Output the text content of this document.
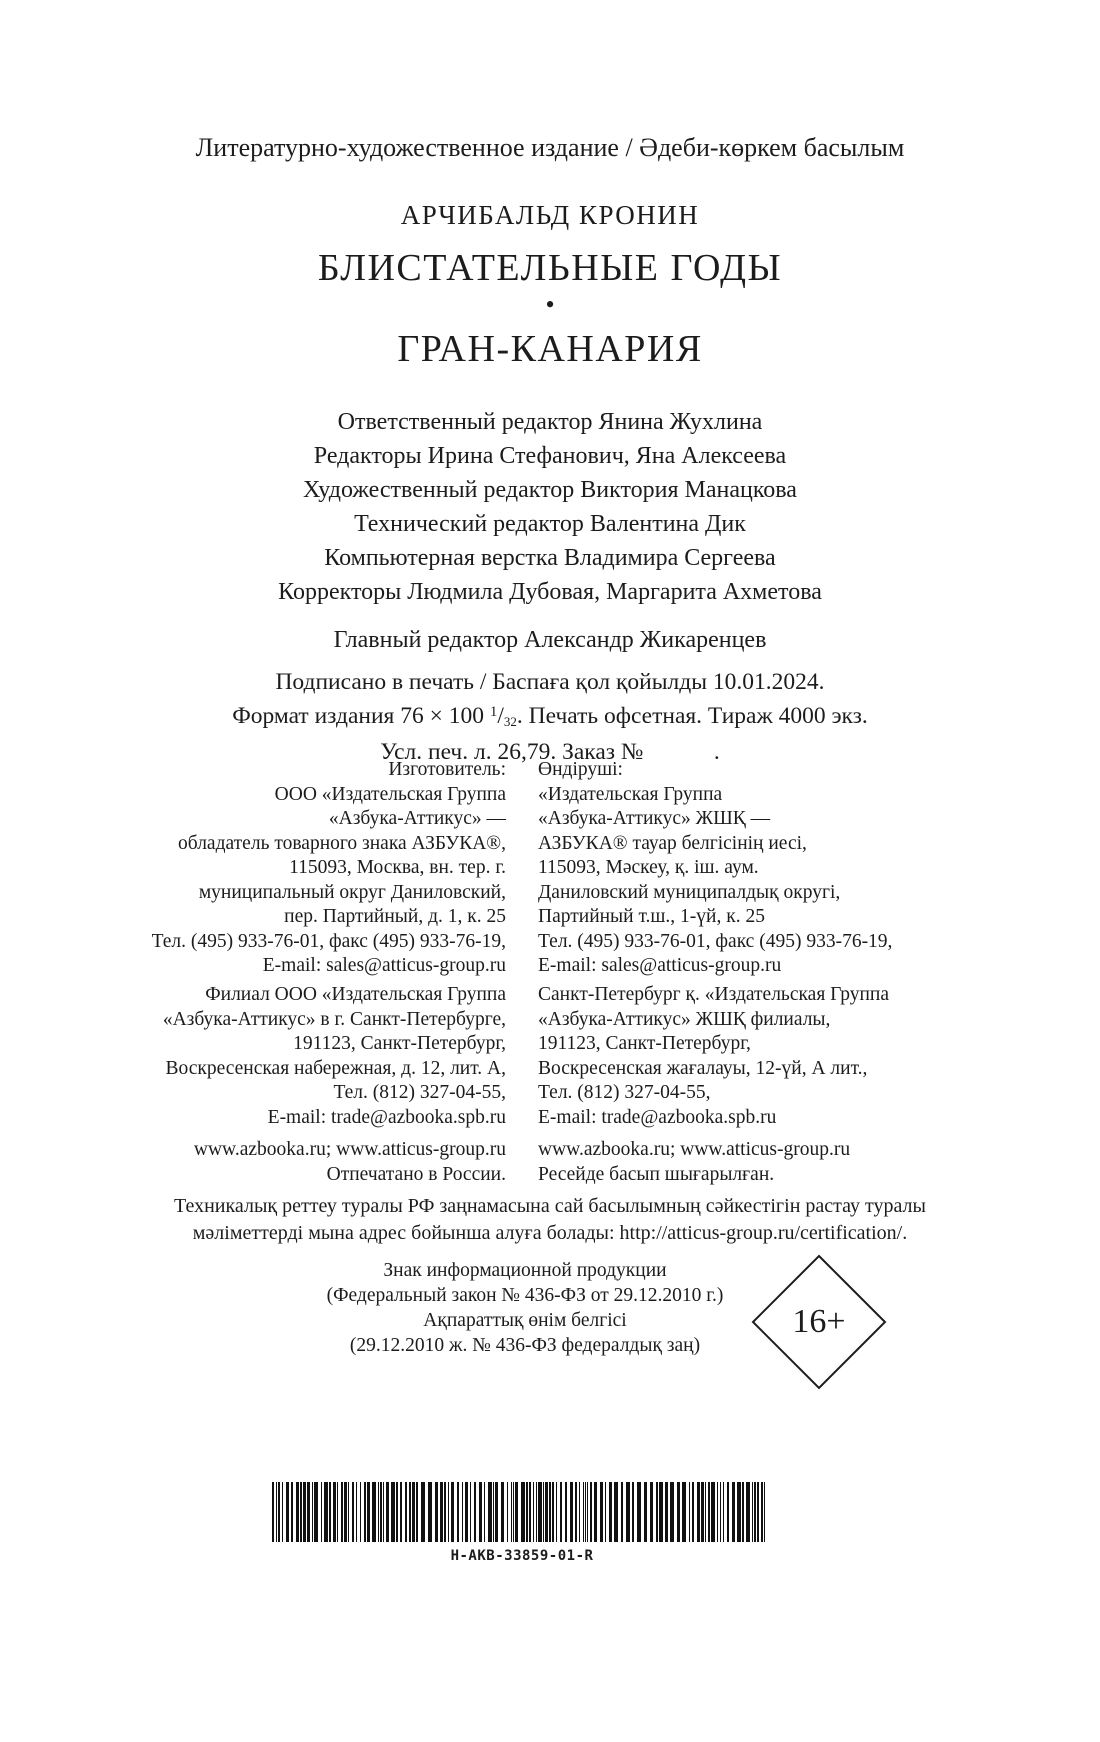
Литературно-художественное издание / Әдеби-көркем басылым
АРЧИБАЛЬД КРОНИН
БЛИСТАТЕЛЬНЫЕ ГОДЫ
•
ГРАН-КАНАРИЯ
Ответственный редактор Янина Жухлина
Редакторы Ирина Стефанович, Яна Алексеева
Художественный редактор Виктория Манацкова
Технический редактор Валентина Дик
Компьютерная верстка Владимира Сергеева
Корректоры Людмила Дубовая, Маргарита Ахметова
Главный редактор Александр Жикаренцев
Подписано в печать / Баспаға қол қойылды 10.01.2024.
Формат издания 76 × 100 $^1$/32. Печать офсетная. Тираж 4000 экз.
Усл. печ. л. 26,79. Заказ №            .
Изготовитель:
ООО «Издательская Группа
«Азбука-Аттикус» —
обладатель товарного знака АЗБУКА®,
115093, Москва, вн. тер. г.
муниципальный округ Даниловский,
пер. Партийный, д. 1, к. 25
Тел. (495) 933-76-01, факс (495) 933-76-19,
E-mail: sales@atticus-group.ru
Өндіруші:
«Издательская Группа
«Азбука-Аттикус» ЖШҚ —
АЗБУКА® тауар белгісінің иесі,
115093, Мәскеу, қ. іш. аум.
Даниловский муниципалдық округі,
Партийный т.ш., 1-үй, к. 25
Тел. (495) 933-76-01, факс (495) 933-76-19,
E-mail: sales@atticus-group.ru
Филиал ООО «Издательская Группа
«Азбука-Аттикус» в г. Санкт-Петербурге,
191123, Санкт-Петербург,
Воскресенская набережная, д. 12, лит. А,
Тел. (812) 327-04-55,
E-mail: trade@azbooka.spb.ru
Санкт-Петербург қ. «Издательская Группа
«Азбука-Аттикус» ЖШҚ филиалы,
191123, Санкт-Петербург,
Воскресенская жағалауы, 12-үй, А лит.,
Тел. (812) 327-04-55,
E-mail: trade@azbooka.spb.ru
www.azbooka.ru; www.atticus-group.ru
Отпечатано в России.
www.azbooka.ru; www.atticus-group.ru
Ресейде басып шығарылған.
Техникалық реттеу туралы РФ заңнамасына сай басылымның сәйкестігін растау туралы
мәліметтерді мына адрес бойынша алуға болады: http://atticus-group.ru/certification/.
Знак информационной продукции
(Федеральный закон № 436-ФЗ от 29.12.2010 г.)
Ақпараттық өнім белгісі
(29.12.2010 ж. № 436-ФЗ федералдық заң)
16+
H-AKB-33859-01-R
